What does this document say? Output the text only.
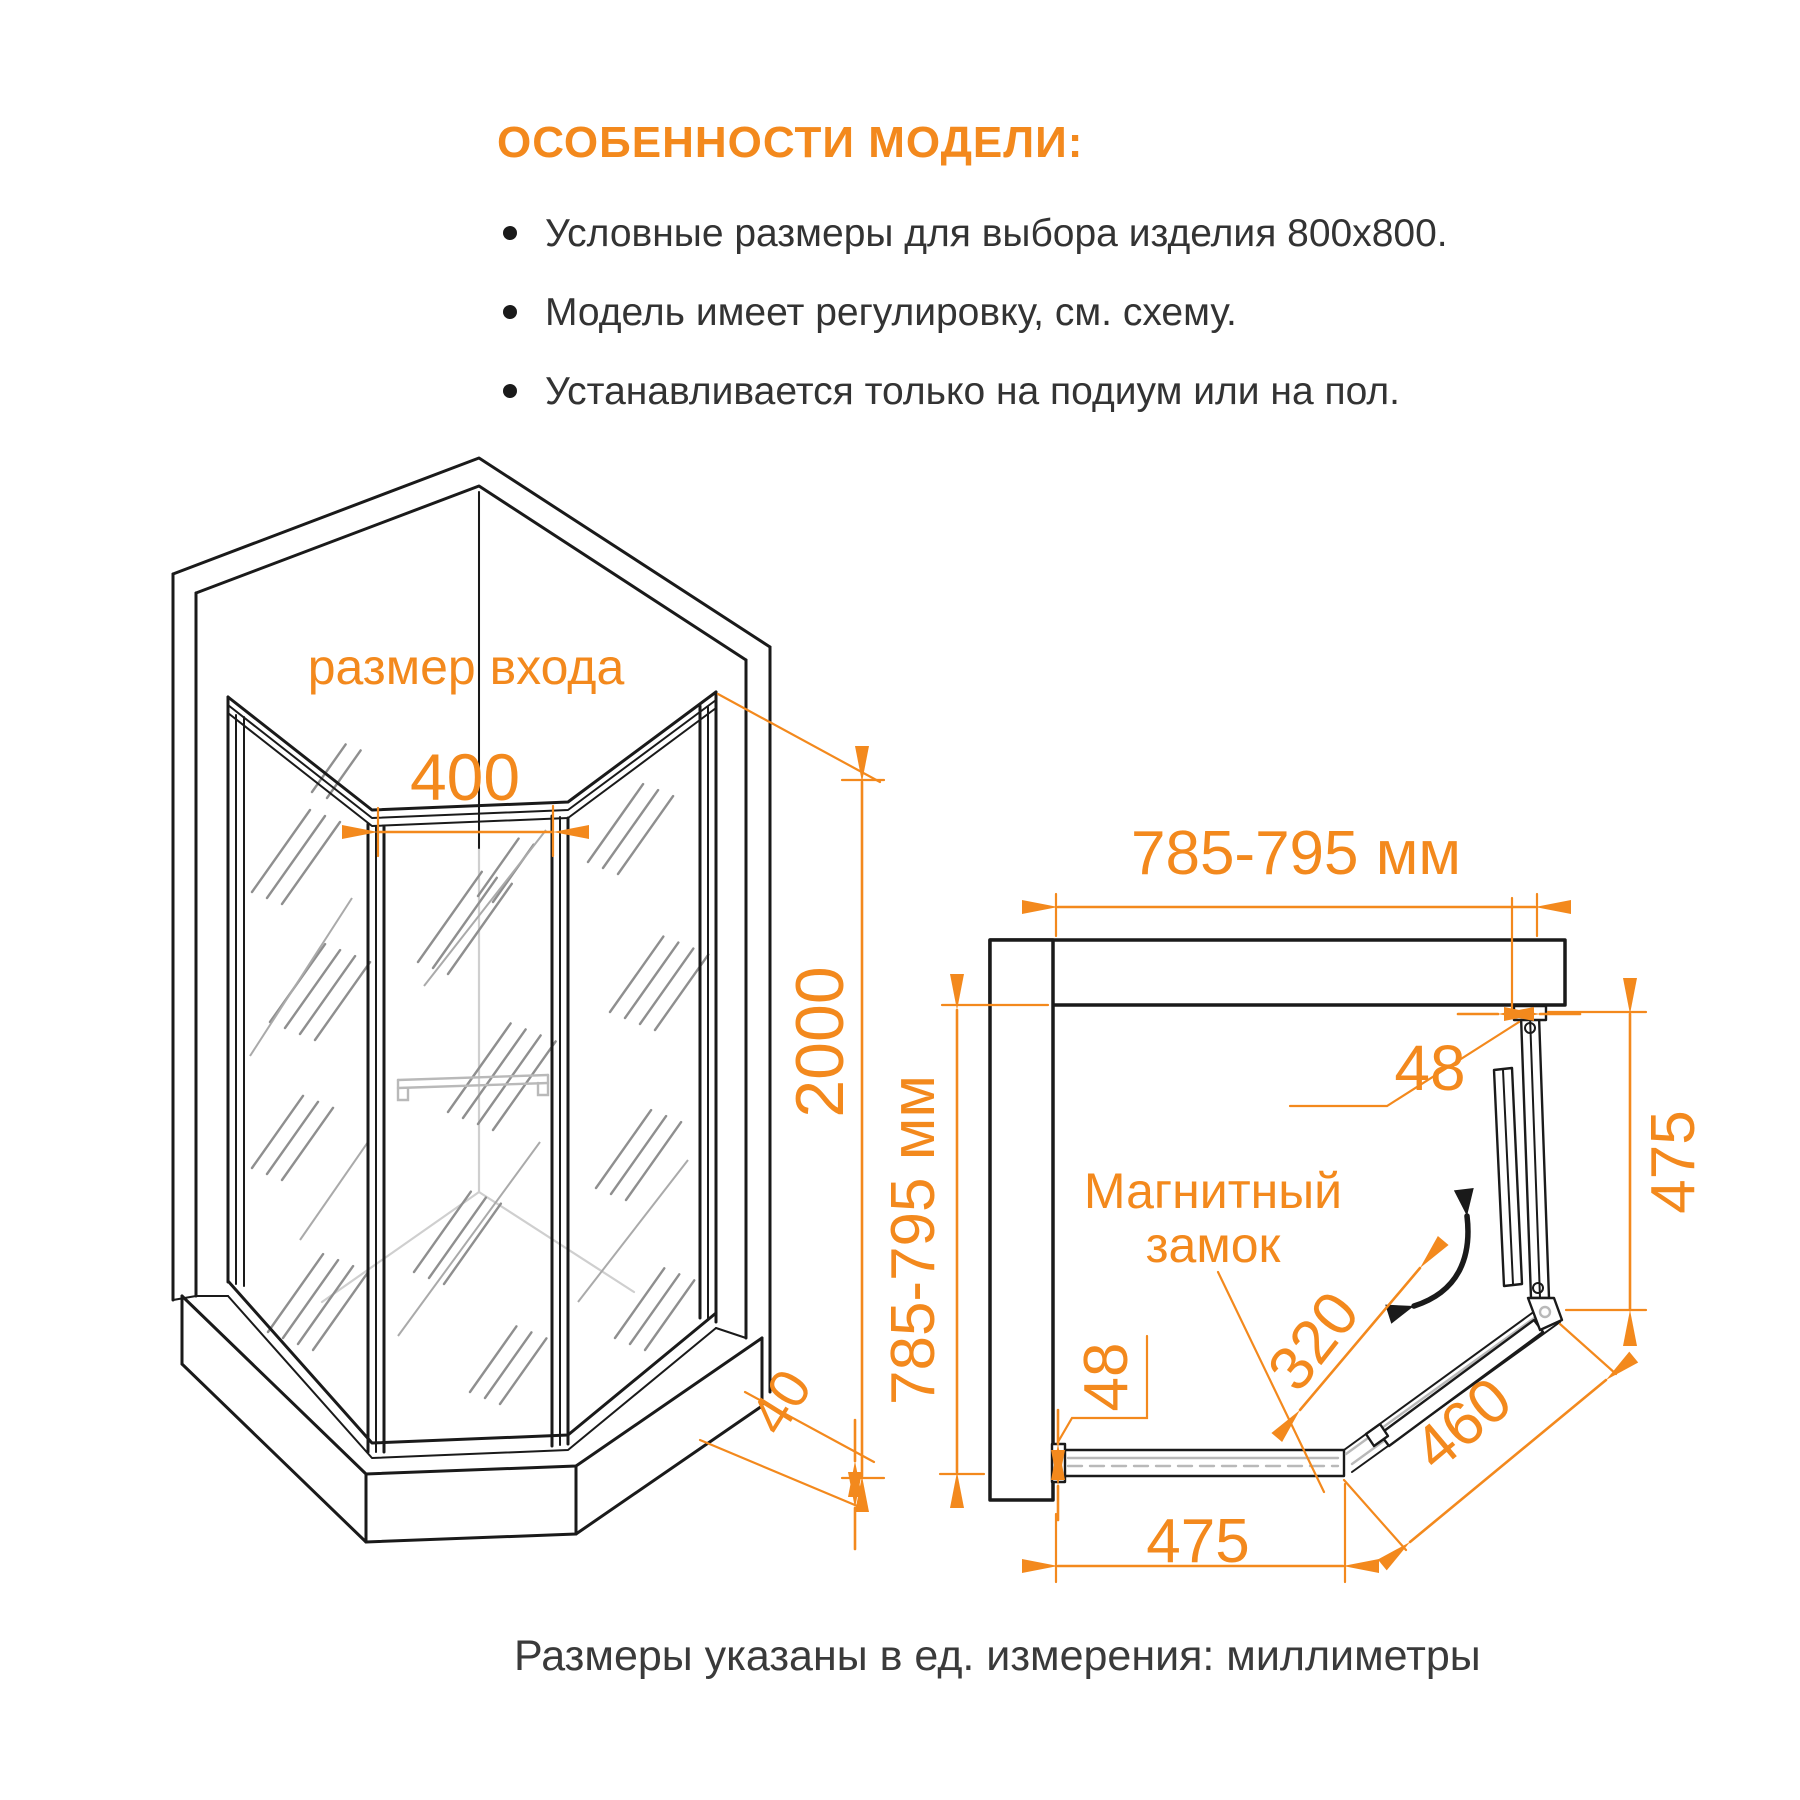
размер входа
400
2000
40
785-795 мм
785-795 мм
48
475
320
460
48
475
Магнитный
замок
ОСОБЕННОСТИ МОДЕЛИ:
Условные размеры для выбора изделия 800x800.
Модель имеет регулировку, см. схему.
Устанавливается только на подиум или на пол.
Размеры указаны в ед. измерения: миллиметры
